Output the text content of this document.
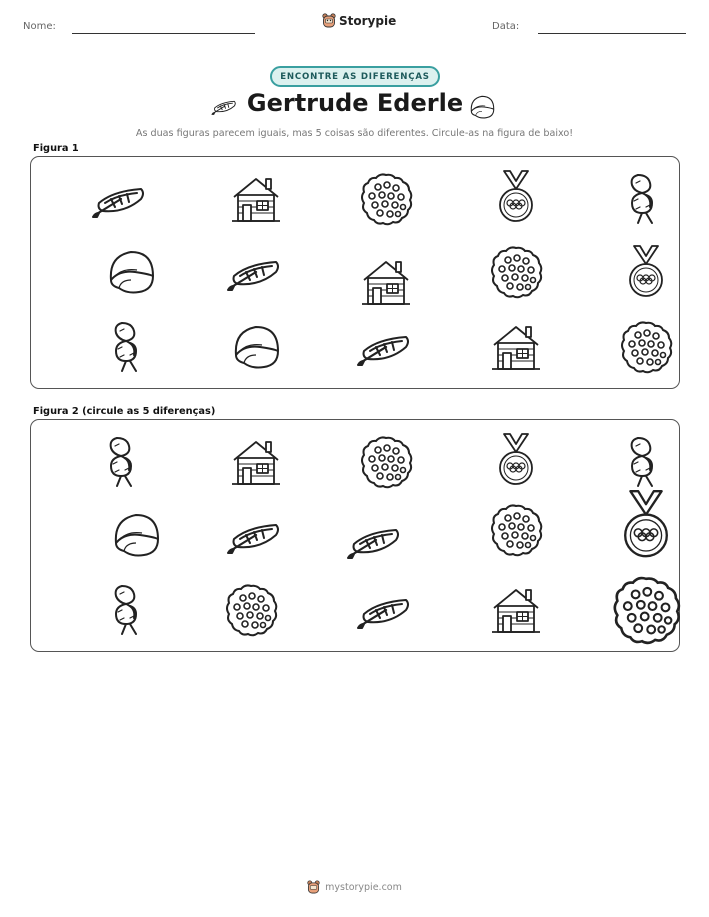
Nome:	Storypie	Data:
ENCONTRE AS DIFERENÇAS
Gertrude Ederle
As duas figuras parecem iguais, mas 5 coisas são diferentes. Circule-as na figura de baixo!
Figura 1
Figura 2 (circule as 5 diferenças)
mystorypie.com
